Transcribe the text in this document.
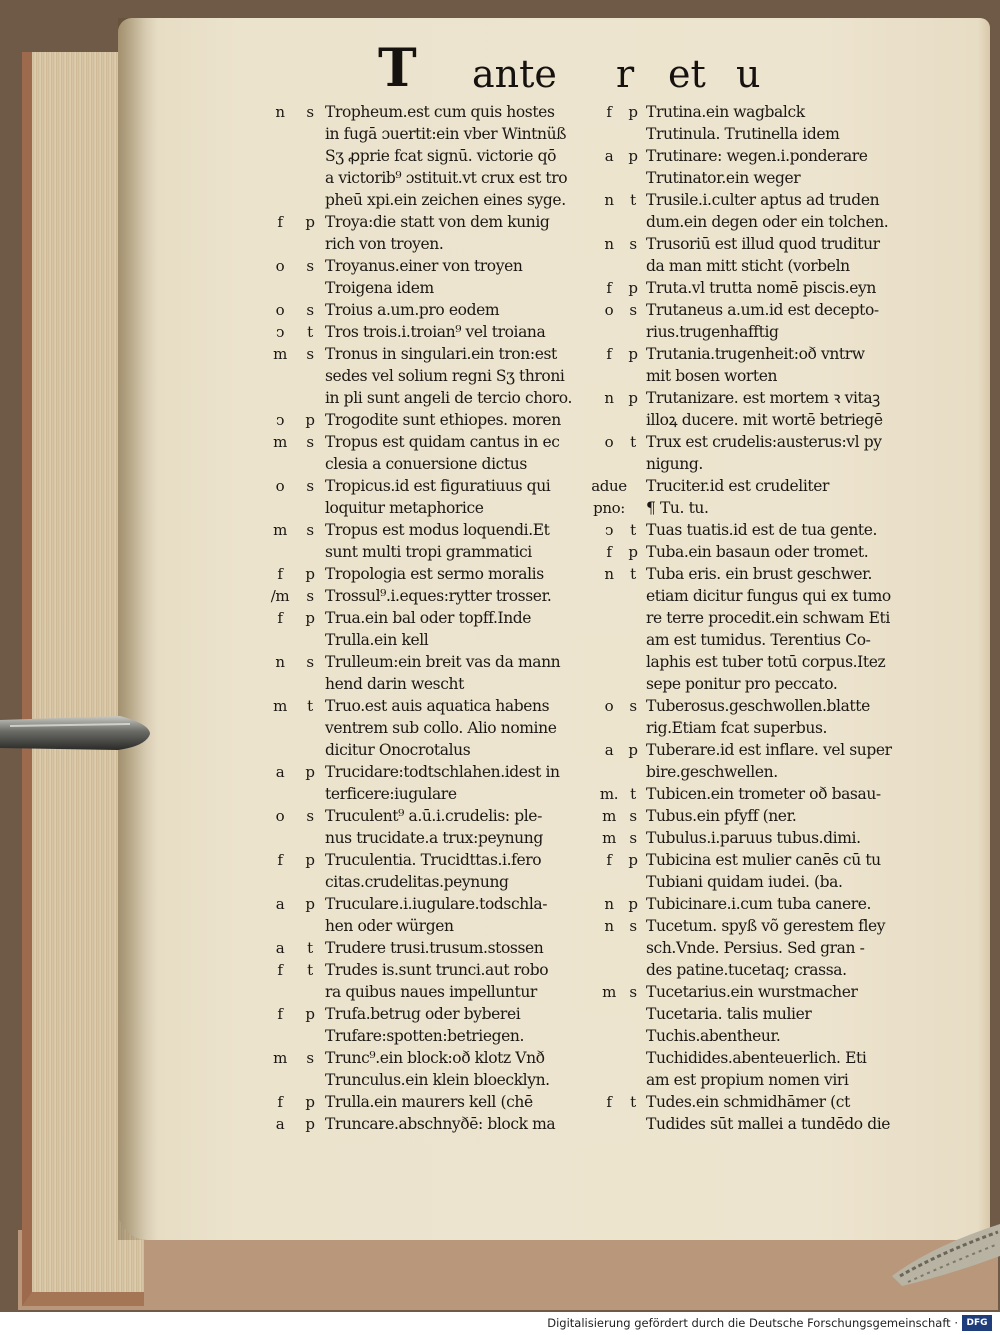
T ante r et u
n	s Tropheum.est cum quis hostes
in fugā ɔuertit:ein vber Wintnüß
Sʒ ꝓprie fcat signū. victorie qō
a victorib⁹ ɔstituit.vt crux est tro
pheū xpi.ein zeichen eines syge.
f	p Troya:die statt von dem kunig
rich von troyen.
o	s Troyanus.einer von troyen
Troigena idem
o	s Troius a.um.pro eodem
ↄ	t Tros trois.i.troian⁹ vel troiana
m	s Tronus in singulari.ein tron:est
sedes vel solium regni Sʒ throni
in pli sunt angeli de tercio choro.
ↄ	p Trogodite sunt ethiopes. moren
m	s Tropus est quidam cantus in ec
clesia a conuersione dictus
o	s Tropicus.id est figuratiuus qui
loquitur metaphorice
m	s Tropus est modus loquendi.Et
sunt multi tropi grammatici
f	p Tropologia est sermo moralis
/m	s Trossul⁹.i.eques:rytter trosser.
f	p Trua.ein bal oder topff.Inde
Trulla.ein kell
n	s Trulleum:ein breit vas da mann
hend darin wescht
m	t Truo.est auis aquatica habens
ventrem sub collo. Alio nomine
dicitur Onocrotalus
a	p Trucidare:todtschlahen.idest in
terficere:iugulare
o	s Truculent⁹ a.ū.i.crudelis: ple-
nus trucidate.a trux:peynung
f	p Truculentia. Trucidttas.i.fero
citas.crudelitas.peynung
a	p Truculare.i.iugulare.todschla-
hen oder würgen
a	t Trudere trusi.trusum.stossen
f	t Trudes is.sunt trunci.aut robo
ra quibus naues impelluntur
f	p Trufa.betrug oder byberei
Trufare:spotten:betriegen.
m	s Trunc⁹.ein block:oð klotz Vnð
Trunculus.ein klein bloecklyn.
f	p Trulla.ein maurers kell (chē
a	p Truncare.abschnyðē: block ma
f	p Trutina.ein wagbalck
Trutinula. Trutinella idem
a	p Trutinare: wegen.i.ponderare
Trutinator.ein weger
n	t Trusile.i.culter aptus ad truden
dum.ein degen oder ein tolchen.
n	s Trusoriū est illud quod truditur
da man mitt sticht (vorbeln
f	p Truta.vl trutta nomē piscis.eyn
o	s Trutaneus a.um.id est decepto-
rius.trugenhafftig
f	p Trutania.trugenheit:oð vntrw
mit bosen worten
n p Trutanizare. est mortem ꝛ vitaꝫ
illoꝝ ducere. mit wortē betriegē
o	t Trux est crudelis:austerus:vl py
nigung.
adue Truciter.id est crudeliter
pno: ¶ Tu. tu.
ↄ	t Tuas tuatis.id est de tua gente.
f	p Tuba.ein basaun oder tromet.
n	t Tuba eris. ein brust geschwer.
etiam dicitur fungus qui ex tumo
re terre procedit.ein schwam Eti
am est tumidus. Terentius Co-
laphis est tuber totū corpus.Itez
sepe ponitur pro peccato.
o	s Tuberosus.geschwollen.blatte
rig.Etiam fcat superbus.
a	p Tuberare.id est inflare. vel super
bire.geschwellen.
m. t Tubicen.ein trometer oð basau-
m s Tubus.ein pfyff (ner.
m s Tubulus.i.paruus tubus.dimi.
f	p Tubicina est mulier canēs cū tu
Tubiani quidam iudei. (ba.
n p Tubicinare.i.cum tuba canere.
n	s Tucetum. spyß võ gerestem fley
sch.Vnde. Persius. Sed gran -
des patine.tucetaq; crassa.
m s Tucetarius.ein wurstmacher
Tucetaria. talis mulier
Tuchis.abentheur.
Tuchidides.abenteuerlich. Eti
am est propium nomen viri
f	t Tudes.ein schmidhāmer (ct
Tudides sūt mallei a tundēdo die
Digitalisierung gefördert durch die Deutsche Forschungsgemeinschaft · DFG
